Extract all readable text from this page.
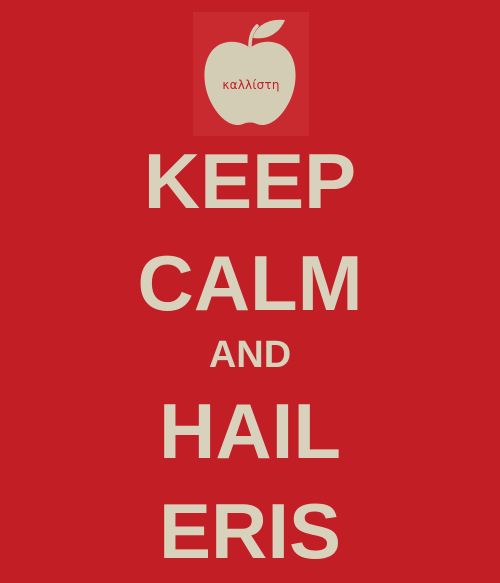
καλλίστη
KEEP
CALM
AND
HAIL
ERIS
